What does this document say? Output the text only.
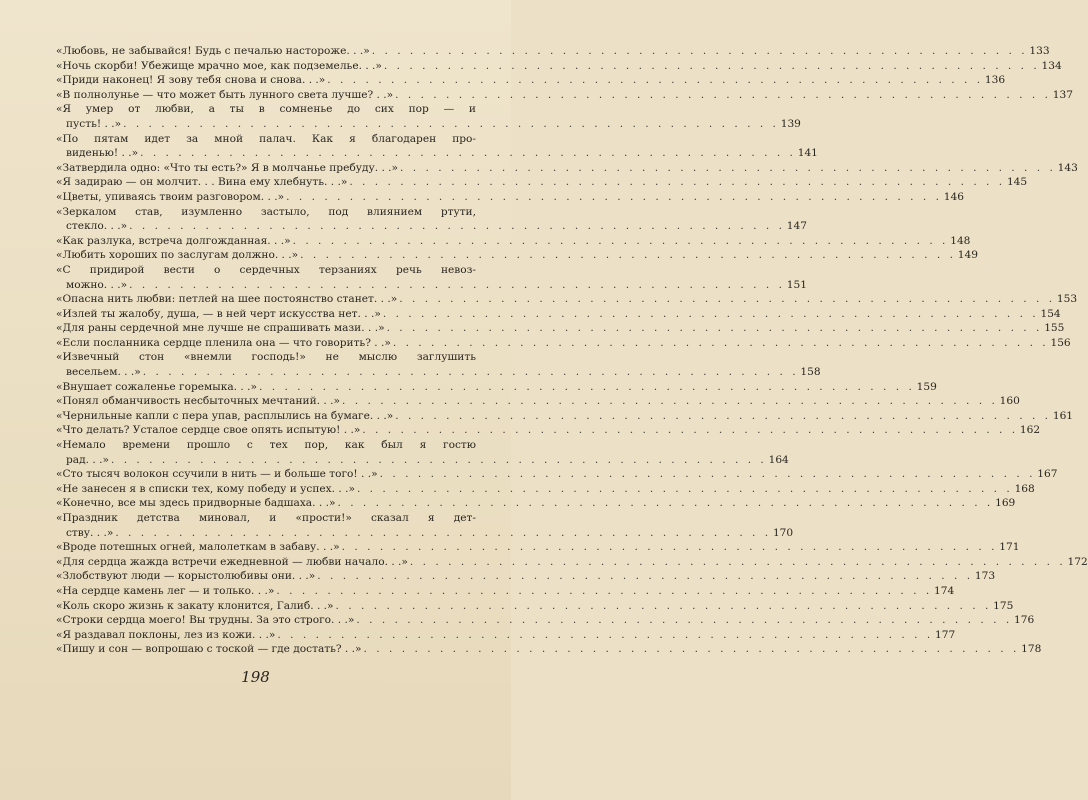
«Любовь, не забывайся! Будь с печалью настороже. . .» . . . . . . . . . . . . . . . . . . . . . . . . . . . . . . . . . . . . . . . . . . . . . . . . . . . . 133
«Ночь скорби! Убежище мрачно мое, как подземелье. . .» . . . . . . . . . . . . . . . . . . . . . . . . . . . . . . . . . . . . . . . . . . . . . . . . . . . . 134
«Приди наконец! Я зову тебя снова и снова. . .» . . . . . . . . . . . . . . . . . . . . . . . . . . . . . . . . . . . . . . . . . . . . . . . . . . . . 136
«В полнолунье — что может быть лунного света лучше? . .» . . . . . . . . . . . . . . . . . . . . . . . . . . . . . . . . . . . . . . . . . . . . . . . . . . . . 137
«Я умер от любви, а ты в сомненье до сих пор — и
пусть! . .» . . . . . . . . . . . . . . . . . . . . . . . . . . . . . . . . . . . . . . . . . . . . . . . . . . . . 139
«По пятам идет за мной палач. Как я благодарен про-
виденью! . .» . . . . . . . . . . . . . . . . . . . . . . . . . . . . . . . . . . . . . . . . . . . . . . . . . . . . 141
«Затвердила одно: «Что ты есть?» Я в молчанье пребуду. . .» . . . . . . . . . . . . . . . . . . . . . . . . . . . . . . . . . . . . . . . . . . . . . . . . . . . . 143
«Я задираю — он молчит. . . Вина ему хлебнуть. . .» . . . . . . . . . . . . . . . . . . . . . . . . . . . . . . . . . . . . . . . . . . . . . . . . . . . . 145
«Цветы, упиваясь твоим разговором. . .» . . . . . . . . . . . . . . . . . . . . . . . . . . . . . . . . . . . . . . . . . . . . . . . . . . . . 146
«Зеркалом став, изумленно застыло, под влиянием ртути,
стекло. . .» . . . . . . . . . . . . . . . . . . . . . . . . . . . . . . . . . . . . . . . . . . . . . . . . . . . . 147
«Как разлука, встреча долгожданная. . .» . . . . . . . . . . . . . . . . . . . . . . . . . . . . . . . . . . . . . . . . . . . . . . . . . . . . 148
«Любить хороших по заслугам должно. . .» . . . . . . . . . . . . . . . . . . . . . . . . . . . . . . . . . . . . . . . . . . . . . . . . . . . . 149
«С придирой вести о сердечных терзаниях речь невоз-
можно. . .» . . . . . . . . . . . . . . . . . . . . . . . . . . . . . . . . . . . . . . . . . . . . . . . . . . . . 151
«Опасна нить любви: петлей на шее постоянство станет. . .» . . . . . . . . . . . . . . . . . . . . . . . . . . . . . . . . . . . . . . . . . . . . . . . . . . . . 153
«Излей ты жалобу, душа, — в ней черт искусства нет. . .» . . . . . . . . . . . . . . . . . . . . . . . . . . . . . . . . . . . . . . . . . . . . . . . . . . . . 154
«Для раны сердечной мне лучше не спрашивать мази. . .» . . . . . . . . . . . . . . . . . . . . . . . . . . . . . . . . . . . . . . . . . . . . . . . . . . . . 155
«Если посланника сердце пленила она — что говорить? . .» . . . . . . . . . . . . . . . . . . . . . . . . . . . . . . . . . . . . . . . . . . . . . . . . . . . . 156
«Извечный стон «внемли господь!» не мыслю заглушить
весельем. . .» . . . . . . . . . . . . . . . . . . . . . . . . . . . . . . . . . . . . . . . . . . . . . . . . . . . . 158
«Внушает сожаленье горемыка. . .» . . . . . . . . . . . . . . . . . . . . . . . . . . . . . . . . . . . . . . . . . . . . . . . . . . . . 159
«Понял обманчивость несбыточных мечтаний. . .» . . . . . . . . . . . . . . . . . . . . . . . . . . . . . . . . . . . . . . . . . . . . . . . . . . . . 160
«Чернильные капли с пера упав, расплылись на бумаге. . .» . . . . . . . . . . . . . . . . . . . . . . . . . . . . . . . . . . . . . . . . . . . . . . . . . . . . 161
«Что делать? Усталое сердце свое опять испытую! . .» . . . . . . . . . . . . . . . . . . . . . . . . . . . . . . . . . . . . . . . . . . . . . . . . . . . . 162
«Немало времени прошло с тех пор, как был я гостю
рад. . .» . . . . . . . . . . . . . . . . . . . . . . . . . . . . . . . . . . . . . . . . . . . . . . . . . . . . 164
«Сто тысяч волокон ссучили в нить — и больше того! . .» . . . . . . . . . . . . . . . . . . . . . . . . . . . . . . . . . . . . . . . . . . . . . . . . . . . . 167
«Не занесен я в списки тех, кому победу и успех. . .» . . . . . . . . . . . . . . . . . . . . . . . . . . . . . . . . . . . . . . . . . . . . . . . . . . . . 168
«Конечно, все мы здесь придворные бадшаха. . .» . . . . . . . . . . . . . . . . . . . . . . . . . . . . . . . . . . . . . . . . . . . . . . . . . . . . 169
«Праздник детства миновал, и «прости!» сказал я дет-
ству. . .» . . . . . . . . . . . . . . . . . . . . . . . . . . . . . . . . . . . . . . . . . . . . . . . . . . . . 170
«Вроде потешных огней, малолеткам в забаву. . .» . . . . . . . . . . . . . . . . . . . . . . . . . . . . . . . . . . . . . . . . . . . . . . . . . . . . 171
«Для сердца жажда встречи ежедневной — любви начало. . .» . . . . . . . . . . . . . . . . . . . . . . . . . . . . . . . . . . . . . . . . . . . . . . . . . . . . 172
«Злобствуют люди — корыстолюбивы они. . .» . . . . . . . . . . . . . . . . . . . . . . . . . . . . . . . . . . . . . . . . . . . . . . . . . . . . 173
«На сердце камень лег — и только. . .» . . . . . . . . . . . . . . . . . . . . . . . . . . . . . . . . . . . . . . . . . . . . . . . . . . . . 174
«Коль скоро жизнь к закату клонится, Галиб. . .» . . . . . . . . . . . . . . . . . . . . . . . . . . . . . . . . . . . . . . . . . . . . . . . . . . . . 175
«Строки сердца моего! Вы трудны. За это строго. . .» . . . . . . . . . . . . . . . . . . . . . . . . . . . . . . . . . . . . . . . . . . . . . . . . . . . . 176
«Я раздавал поклоны, лез из кожи. . .» . . . . . . . . . . . . . . . . . . . . . . . . . . . . . . . . . . . . . . . . . . . . . . . . . . . . 177
«Пишу и сон — вопрошаю с тоской — где достать? . .» . . . . . . . . . . . . . . . . . . . . . . . . . . . . . . . . . . . . . . . . . . . . . . . . . . . . 178
198
